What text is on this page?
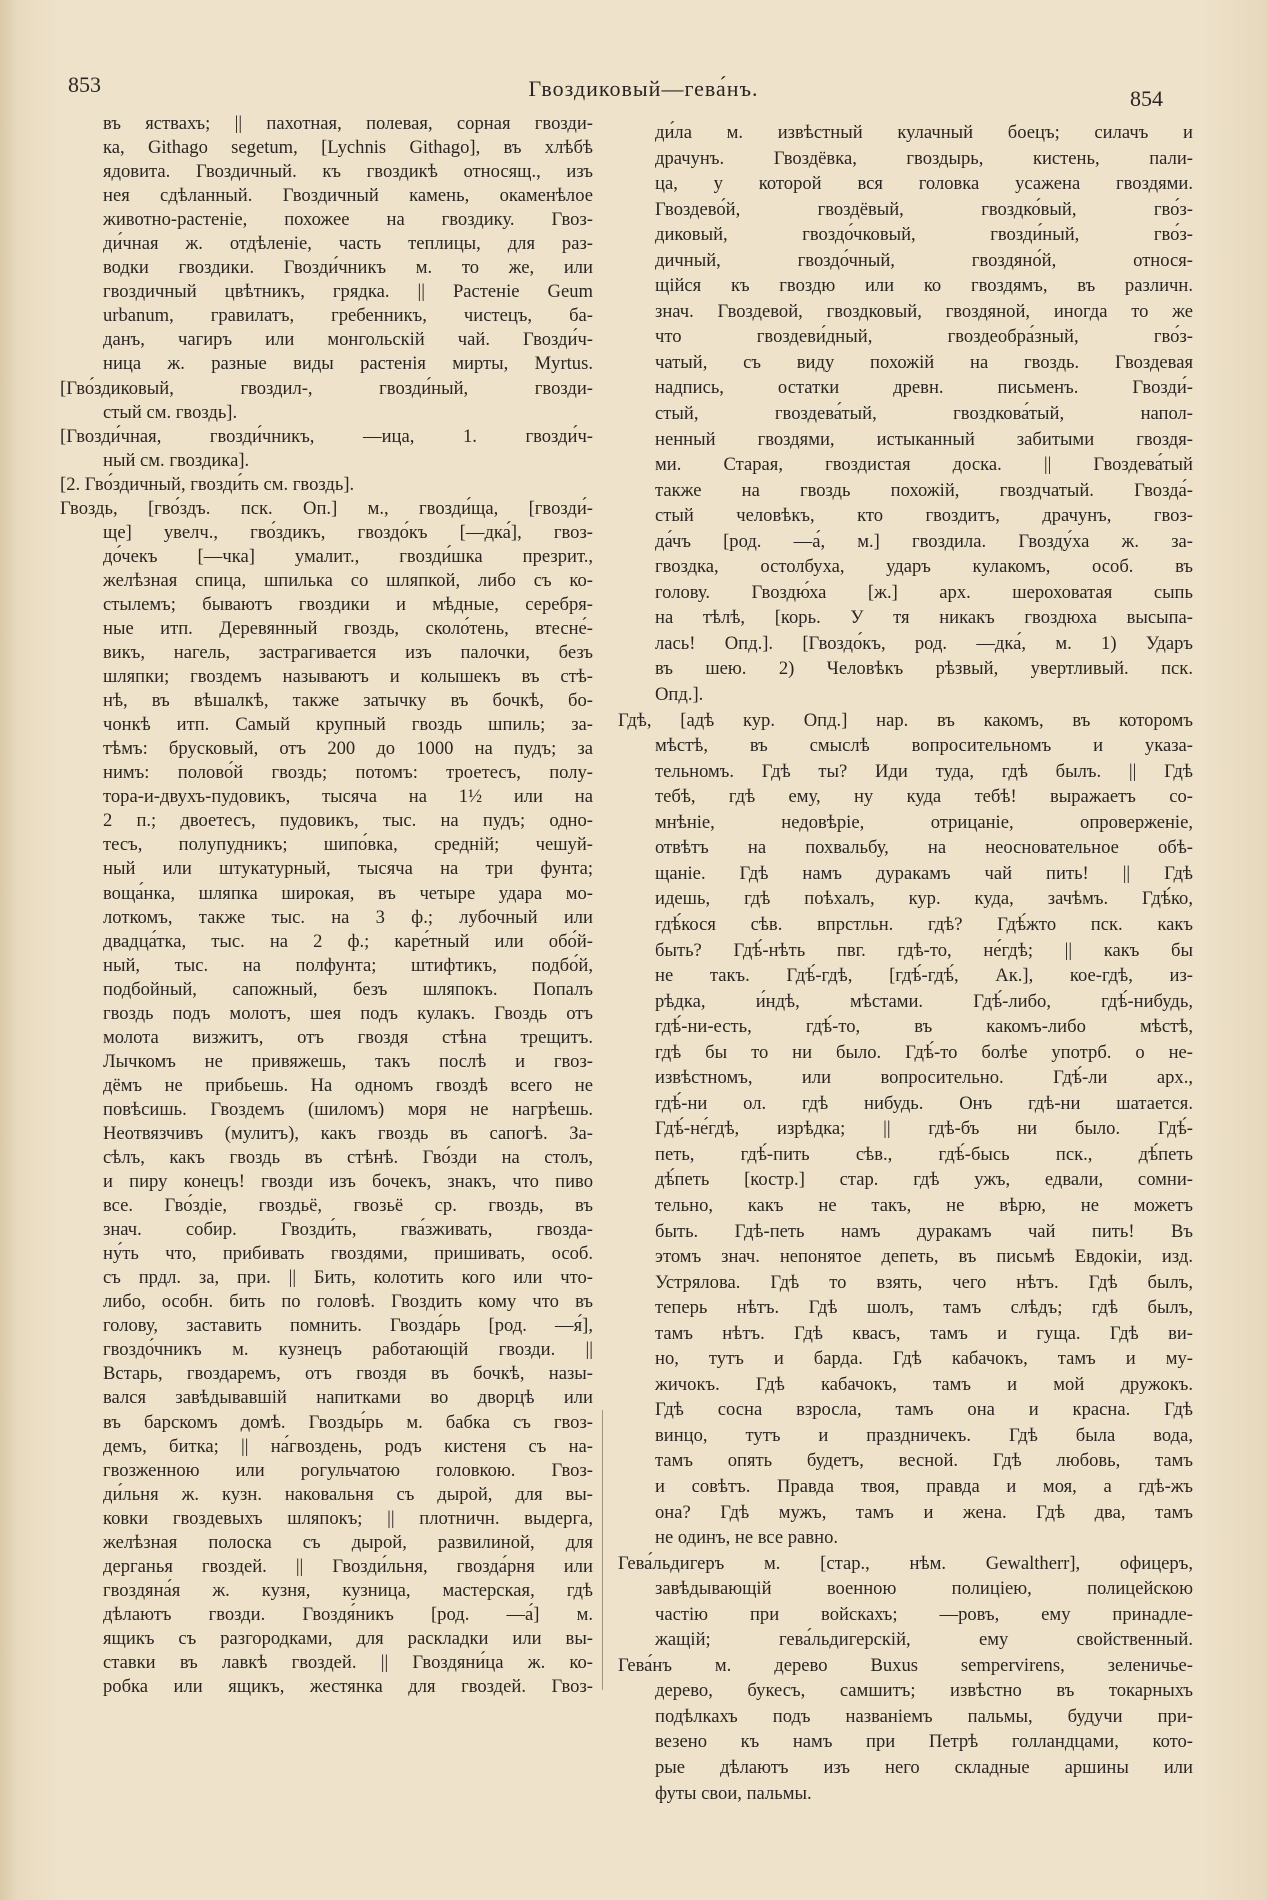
853	Гвоздиковый—гева́нъ.	854
въ яствахъ; || пахотная, полевая, сорная гвозди-
ка, Githago segetum, [Lychnis Githago], въ хлѣбѣ
ядовита. Гвоздичный. къ гвоздикѣ относящ., изъ
нея сдѣланный. Гвоздичный камень, окаменѣлое
животно-растеніе, похожее на гвоздику. Гвоз-
ди́чная ж. отдѣленіе, часть теплицы, для раз-
водки гвоздики. Гвозди́чникъ м. то же, или
гвоздичный цвѣтникъ, грядка. || Растеніе Geum
urbanum, гравилатъ, гребенникъ, чистецъ, ба-
данъ, чагиръ или монгольскій чай. Гвозди́ч-
ница ж. разные виды растенія мирты, Myrtus.
[Гво́здиковый, гвоздил-, гвозди́ный, гвозди-
стый см. гвоздь].
[Гвозди́чная, гвозди́чникъ, —ица, 1. гвозди́ч-
ный см. гвоздика].
[2. Гво́здичный, гвозди́ть см. гвоздь].
Гвоздь, [гво́здъ. пск. Оп.] м., гвозди́ща, [гвозди́-
ще] увелч., гво́здикъ, гвоздо́къ [—дка́], гвоз-
до́чекъ [—чка] умалит., гвозди́шка презрит.,
желѣзная спица, шпилька со шляпкой, либо съ ко-
стылемъ; бываютъ гвоздики и мѣдные, серебря-
ные итп. Деревянный гвоздь, сколо́тень, втесне́-
викъ, нагель, застрагивается изъ палочки, безъ
шляпки; гвоздемъ называютъ и колышекъ въ стѣ-
нѣ, въ вѣшалкѣ, также затычку въ бочкѣ, бо-
чонкѣ итп. Самый крупный гвоздь шпиль; за-
тѣмъ: брусковый, отъ 200 до 1000 на пудъ; за
нимъ: полово́й гвоздь; потомъ: троетесъ, полу-
тора-и-двухъ-пудовикъ, тысяча на 1½ или на
2 п.; двоетесъ, пудовикъ, тыс. на пудъ; одно-
тесъ, полупудникъ; шипо́вка, средній; чешуй-
ный или штукатурный, тысяча на три фунта;
воща́нка, шляпка широкая, въ четыре удара мо-
лоткомъ, также тыс. на 3 ф.; лубочный или
двадца́тка, тыс. на 2 ф.; каре́тный или обо́й-
ный, тыс. на полфунта; штифтикъ, подбо́й,
подбойный, сапожный, безъ шляпокъ. Попалъ
гвоздь подъ молотъ, шея подъ кулакъ. Гвоздь отъ
молота визжитъ, отъ гвоздя стѣна трещитъ.
Лычкомъ не привяжешь, такъ послѣ и гвоз-
дёмъ не прибьешь. На одномъ гвоздѣ всего не
повѣсишь. Гвоздемъ (шиломъ) моря не нагрѣешь.
Неотвязчивъ (мулитъ), какъ гвоздь въ сапогѣ. За-
сѣлъ, какъ гвоздь въ стѣнѣ. Гво́зди на столъ,
и пиру конецъ! гвозди изъ бочекъ, знакъ, что пиво
все. Гво́здіе, гвоздьё, гвозьё ср. гвоздь, въ
знач. собир. Гвозди́ть, гва́зживать, гвозда-
ну́ть что, прибивать гвоздями, пришивать, особ.
съ прдл. за, при. || Бить, колотить кого или что-
либо, особн. бить по головѣ. Гвоздить кому что въ
голову, заставить помнить. Гвозда́рь [род. —я́],
гвоздо́чникъ м. кузнецъ работающій гвозди. ||
Встарь, гвоздаремъ, отъ гвоздя въ бочкѣ, назы-
вался завѣдывавшій напитками во дворцѣ или
въ барскомъ домѣ. Гвозды́рь м. бабка съ гвоз-
демъ, битка; || на́гвоздень, родъ кистеня съ на-
гвозженною или рогульчатою головкою. Гвоз-
ди́льня ж. кузн. наковальня съ дырой, для вы-
ковки гвоздевыхъ шляпокъ; || плотничн. выдерга,
желѣзная полоска съ дырой, развилиной, для
дерганья гвоздей. || Гвозди́льня, гвозда́рня или
гвоздяна́я ж. кузня, кузница, мастерская, гдѣ
дѣлаютъ гвозди. Гвоздя́никъ [род. —а́] м.
ящикъ съ разгородками, для раскладки или вы-
ставки въ лавкѣ гвоздей. || Гвоздяни́ца ж. ко-
робка или ящикъ, жестянка для гвоздей. Гвоз-
ди́ла м. извѣстный кулачный боецъ; силачъ и
драчунъ. Гвоздёвка, гвоздырь, кистень, пали-
ца, у которой вся головка усажена гвоздями.
Гвоздево́й, гвоздёвый, гвоздко́вый, гво́з-
диковый, гвоздо́чковый, гвозди́ный, гво́з-
дичный, гвоздо́чный, гвоздяно́й, относя-
щійся къ гвоздю или ко гвоздямъ, въ различн.
знач. Гвоздевой, гвоздковый, гвоздяной, иногда то же
что гвоздеви́дный, гвоздеобра́зный, гво́з-
чатый, съ виду похожій на гвоздь. Гвоздевая
надпись, остатки древн. письменъ. Гвозди́-
стый, гвоздева́тый, гвоздкова́тый, напол-
ненный гвоздями, истыканный забитыми гвоздя-
ми. Старая, гвоздистая доска. || Гвоздева́тый
также на гвоздь похожій, гвоздчатый. Гвозда́-
стый человѣкъ, кто гвоздитъ, драчунъ, гвоз-
да́чъ [род. —а́, м.] гвоздила. Гвозду́ха ж. за-
гвоздка, остолбуха, ударъ кулакомъ, особ. въ
голову. Гвоздю́ха [ж.] арх. шероховатая сыпь
на тѣлѣ, [корь. У тя никакъ гвоздюха высыпа-
лась! Опд.]. [Гвоздо́къ, род. —дка́, м. 1) Ударъ
въ шею. 2) Человѣкъ рѣзвый, увертливый. пск.
Опд.].
Гдѣ, [адѣ кур. Опд.] нар. въ какомъ, въ которомъ
мѣстѣ, въ смыслѣ вопросительномъ и указа-
тельномъ. Гдѣ ты? Иди туда, гдѣ былъ. || Гдѣ
тебѣ, гдѣ ему, ну куда тебѣ! выражаетъ со-
мнѣніе, недовѣріе, отрицаніе, опроверженіе,
отвѣтъ на похвальбу, на неосновательное обѣ-
щаніе. Гдѣ намъ дуракамъ чай пить! || Гдѣ
идешь, гдѣ поѣхалъ, кур. куда, зачѣмъ. Гдѣ́ко,
гдѣ́кося сѣв. впрстльн. гдѣ? Гдѣ́жто пск. какъ
быть? Гдѣ́-нѣть пвг. гдѣ-то, не́гдѣ; || какъ бы
не такъ. Гдѣ́-гдѣ, [гдѣ́-гдѣ́, Ак.], кое-гдѣ, из-
рѣдка, и́ндѣ, мѣстами. Гдѣ́-либо, гдѣ́-нибудь,
гдѣ́-ни-есть, гдѣ́-то, въ какомъ-либо мѣстѣ,
гдѣ бы то ни было. Гдѣ́-то болѣе употрб. о не-
извѣстномъ, или вопросительно. Гдѣ́-ли арх.,
гдѣ́-ни ол. гдѣ нибудь. Онъ гдѣ-ни шатается.
Гдѣ́-не́гдѣ, изрѣдка; || гдѣ-бъ ни было. Гдѣ́-
петь, гдѣ́-пить сѣв., гдѣ́-бысь пск., дѣ́петь
дѣ́петь [костр.] стар. гдѣ ужъ, едвали, сомни-
тельно, какъ не такъ, не вѣрю, не можетъ
быть. Гдѣ-петь намъ дуракамъ чай пить! Въ
этомъ знач. непонятое депеть, въ письмѣ Евдокіи, изд.
Устрялова. Гдѣ то взять, чего нѣтъ. Гдѣ былъ,
теперь нѣтъ. Гдѣ шолъ, тамъ слѣдъ; гдѣ былъ,
тамъ нѣтъ. Гдѣ квасъ, тамъ и гуща. Гдѣ ви-
но, тутъ и барда. Гдѣ кабачокъ, тамъ и му-
жичокъ. Гдѣ кабачокъ, тамъ и мой дружокъ.
Гдѣ сосна взросла, тамъ она и красна. Гдѣ
винцо, тутъ и праздничекъ. Гдѣ была вода,
тамъ опять будетъ, весной. Гдѣ любовь, тамъ
и совѣтъ. Правда твоя, правда и моя, а гдѣ-жъ
она? Гдѣ мужъ, тамъ и жена. Гдѣ два, тамъ
не одинъ, не все равно.
Гева́льдигеръ м. [стар., нѣм. Gewaltherr], офицеръ,
завѣдывающій военною полиціею, полицейскою
частію при войскахъ; —ровъ, ему принадле-
жащій; гева́льдигерскій, ему свойственный.
Гева́нъ м. дерево Buxus sempervirens, зеленичье-
дерево, букесъ, самшитъ; извѣстно въ токарныхъ
подѣлкахъ подъ названіемъ пальмы, будучи при-
везено къ намъ при Петрѣ голландцами, кото-
рые дѣлаютъ изъ него складные аршины или
футы свои, пальмы.
